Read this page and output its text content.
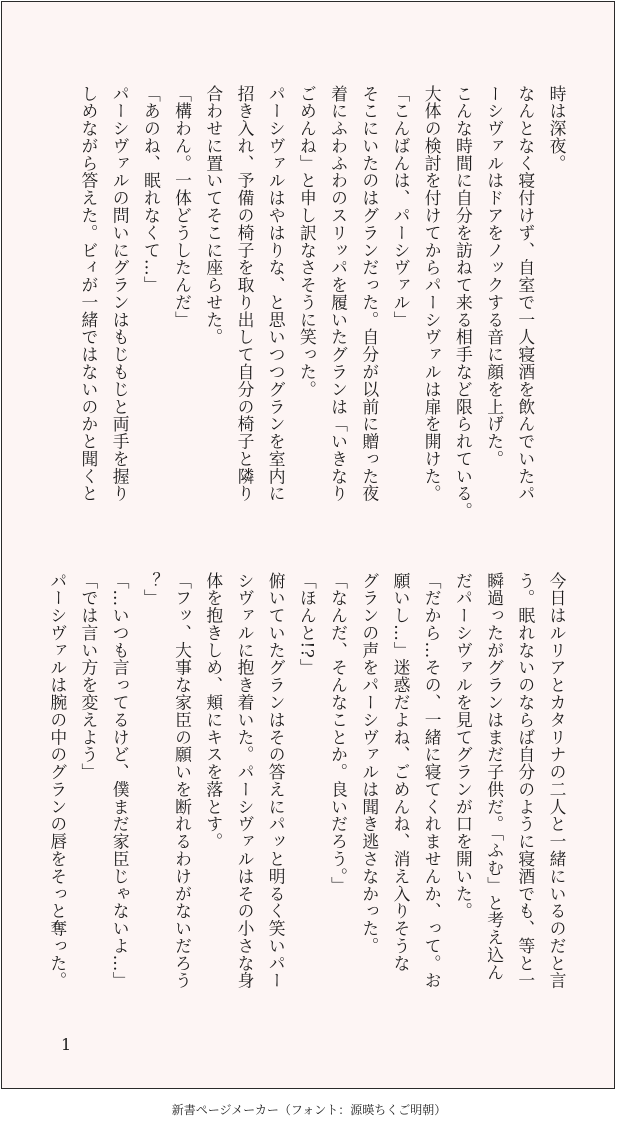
時は深夜。
なんとなく寝付けず、自室で一人寝酒を飲んでいたパ
ーシヴァルはドアをノックする音に顔を上げた。
こんな時間に自分を訪ねて来る相手など限られている。
大体の検討を付けてからパーシヴァルは扉を開けた。
「こんばんは、パーシヴァル」
そこにいたのはグランだった。自分が以前に贈った夜
着にふわふわのスリッパを履いたグランは「いきなり
ごめんね」と申し訳なさそうに笑った。
パーシヴァルはやはりな、と思いつつグランを室内に
招き入れ、予備の椅子を取り出して自分の椅子と隣り
合わせに置いてそこに座らせた。
「構わん。一体どうしたんだ」
「あのね、眠れなくて…」
パーシヴァルの問いにグランはもじもじと両手を握り
しめながら答えた。ビィが一緒ではないのかと聞くと
今日はルリアとカタリナの二人と一緒にいるのだと言
う。眠れないのならば自分のように寝酒でも、等と一
瞬過ったがグランはまだ子供だ。「ふむ」と考え込ん
だパーシヴァルを見てグランが口を開いた。
「だから…その、一緒に寝てくれませんか、って。お
願いし…」迷惑だよね、ごめんね、消え入りそうな
グランの声をパーシヴァルは聞き逃さなかった。
「なんだ、そんなことか。良いだろう。」
「ほんと!?」
俯いていたグランはその答えにパッと明るく笑いパー
シヴァルに抱き着いた。パーシヴァルはその小さな身
体を抱きしめ、頬にキスを落とす。
「フッ、大事な家臣の願いを断れるわけがないだろう
？」
「…いつも言ってるけど、僕まだ家臣じゃないよ…」
「では言い方を変えよう」
パーシヴァルは腕の中のグランの唇をそっと奪った。
1
新書ページメーカー（フォント：源暎ちくご明朝）
